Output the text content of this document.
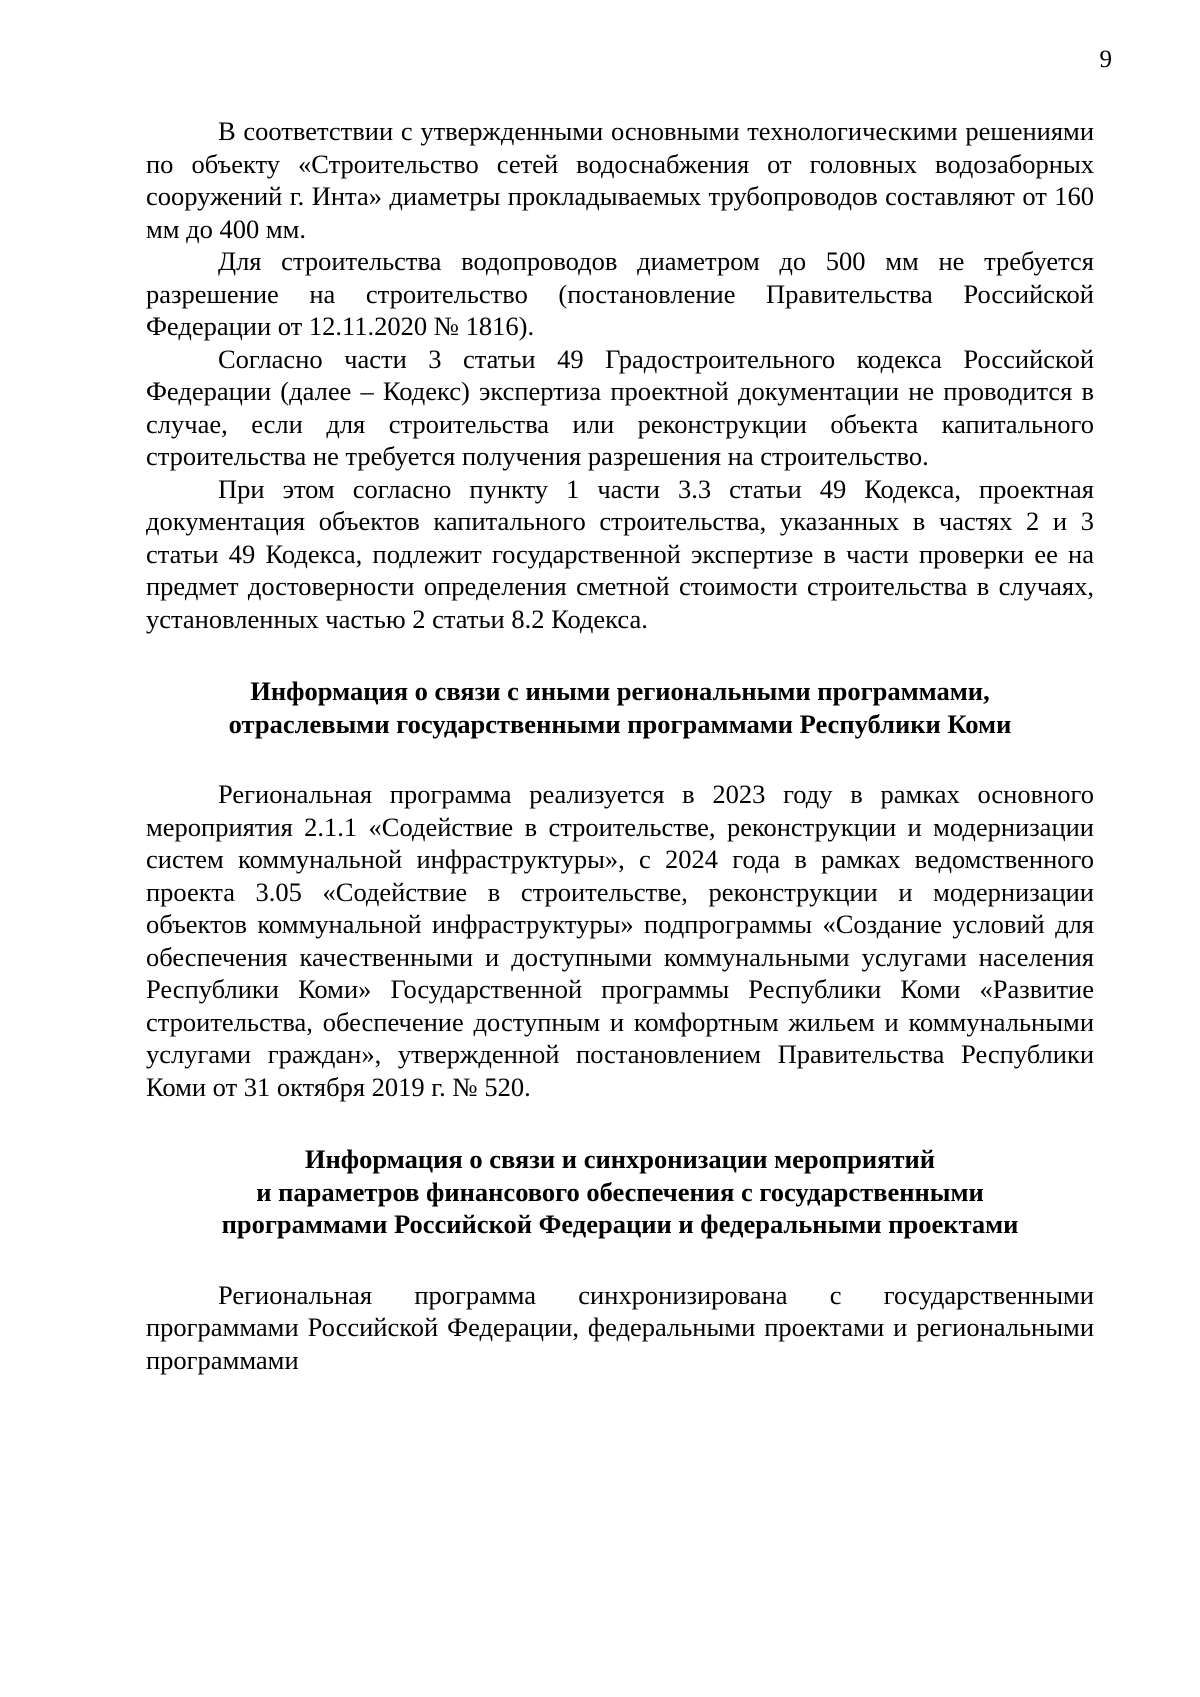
9

В соответствии с утвержденными основными технологическими решениями по объекту «Строительство сетей водоснабжения от головных водозаборных сооружений г. Инта» диаметры прокладываемых трубопроводов составляют от 160 мм до 400 мм.

Для строительства водопроводов диаметром до 500 мм не требуется разрешение на строительство (постановление Правительства Российской Федерации от 12.11.2020 № 1816).

Согласно части 3 статьи 49 Градостроительного кодекса Российской Федерации (далее – Кодекс) экспертиза проектной документации не проводится в случае, если для строительства или реконструкции объекта капитального строительства не требуется получения разрешения на строительство.

При этом согласно пункту 1 части 3.3 статьи 49 Кодекса, проектная документация объектов капитального строительства, указанных в частях 2 и 3 статьи 49 Кодекса, подлежит государственной экспертизе в части проверки ее на предмет достоверности определения сметной стоимости строительства в случаях, установленных частью 2 статьи 8.2 Кодекса.

Информация о связи с иными региональными программами,
отраслевыми государственными программами Республики Коми

Региональная программа реализуется в 2023 году в рамках основного мероприятия 2.1.1 «Содействие в строительстве, реконструкции и модернизации систем коммунальной инфраструктуры», с 2024 года в рамках ведомственного проекта 3.05 «Содействие в строительстве, реконструкции и модернизации объектов коммунальной инфраструктуры» подпрограммы «Создание условий для обеспечения качественными и доступными коммунальными услугами населения Республики Коми» Государственной программы Республики Коми «Развитие строительства, обеспечение доступным и комфортным жильем и коммунальными услугами граждан», утвержденной постановлением Правительства Республики Коми от 31 октября 2019 г. № 520.

Информация о связи и синхронизации мероприятий
и параметров финансового обеспечения с государственными
программами Российской Федерации и федеральными проектами

Региональная программа синхронизирована с государственными программами Российской Федерации, федеральными проектами и региональными программами
